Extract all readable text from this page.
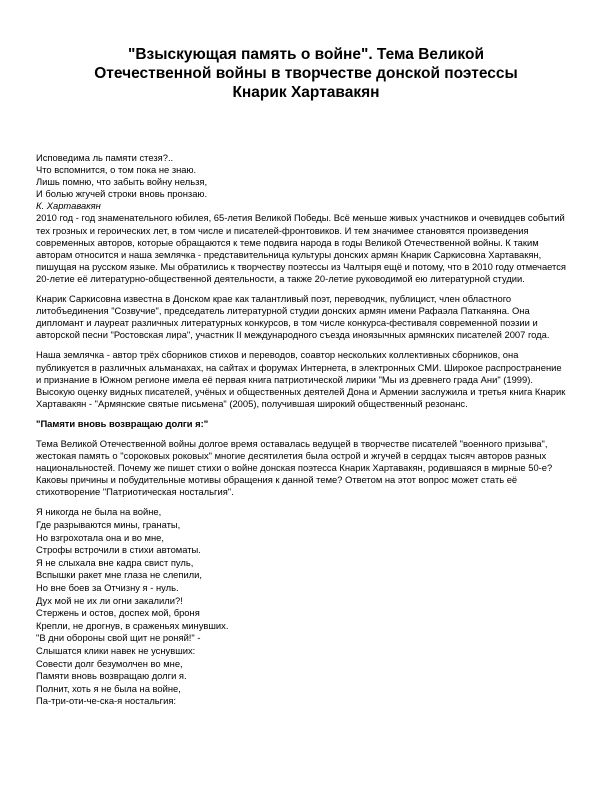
"Взыскующая память о войне". Тема Великой
Отечественной войны в творчестве донской поэтессы
Кнарик Хартавакян
Исповедима ль памяти стезя?..
Что вспомнится, о том пока не знаю.
Лишь помню, что забыть войну нельзя,
И болью жгучей строки вновь пронзаю.
К. Хартавакян

2010 год - год знаменательного юбилея, 65-летия Великой Победы. Всё меньше живых участников и очевидцев событий тех грозных и героических лет, в том числе и писателей-фронтовиков. И тем значимее становятся произведения современных авторов, которые обращаются к теме подвига народа в годы Великой Отечественной войны. К таким авторам относится и наша землячка - представительница культуры донских армян Кнарик Саркисовна Хартавакян, пишущая на русском языке. Мы обратились к творчеству поэтессы из Чалтыря ещё и потому, что в 2010 году отмечается 20-летие её литературно-общественной деятельности, а также 20-летие руководимой ею литературной студии.

Кнарик Саркисовна известна в Донском крае как талантливый поэт, переводчик, публицист, член областного литобъединения "Созвучие", председатель литературной студии донских армян имени Рафаэла Патканяна. Она дипломант и лауреат различных литературных конкурсов, в том числе конкурса-фестиваля современной поэзии и авторской песни "Ростовская лира", участник II международного съезда иноязычных армянских писателей 2007 года.

Наша землячка - автор трёх сборников стихов и переводов, соавтор нескольких коллективных сборников, она публикуется в различных альманахах, на сайтах и форумах Интернета, в электронных СМИ. Широкое распространение и признание в Южном регионе имела её первая книга патриотической лирики "Мы из древнего града Ани" (1999). Высокую оценку видных писателей, учёных и общественных деятелей Дона и Армении заслужила и третья книга Кнарик Хартавакян - "Армянские святые письмена" (2005), получившая широкий общественный резонанс.

"Памяти вновь возвращаю долги я:"

Тема Великой Отечественной войны долгое время оставалась ведущей в творчестве писателей "военного призыва", жестокая память о "сороковых роковых" многие десятилетия была острой и жгучей в сердцах тысяч авторов разных национальностей. Почему же пишет стихи о войне донская поэтесса Кнарик Хартавакян, родившаяся в мирные 50-е? Каковы причины и побудительные мотивы обращения к данной теме? Ответом на этот вопрос может стать её стихотворение "Патриотическая ностальгия".

Я никогда не была на войне,
Где разрываются мины, гранаты,
Но взгрохотала она и во мне,
Строфы встрочили в стихи автоматы.
Я не слыхала вне кадра свист пуль,
Вспышки ракет мне глаза не слепили,
Но вне боев за Отчизну я - нуль.
Дух мой не их ли огни закалили?!
Стержень и остов, доспех мой, броня
Крепли, не дрогнув, в сраженьях минувших.
"В дни обороны свой щит не роняй!" -
Слышатся клики навек не уснувших:
Совести долг безумолчен во мне,
Памяти вновь возвращаю долги я.
Полнит, хоть я не была на войне,
Па-три-оти-че-ска-я ностальгия:
